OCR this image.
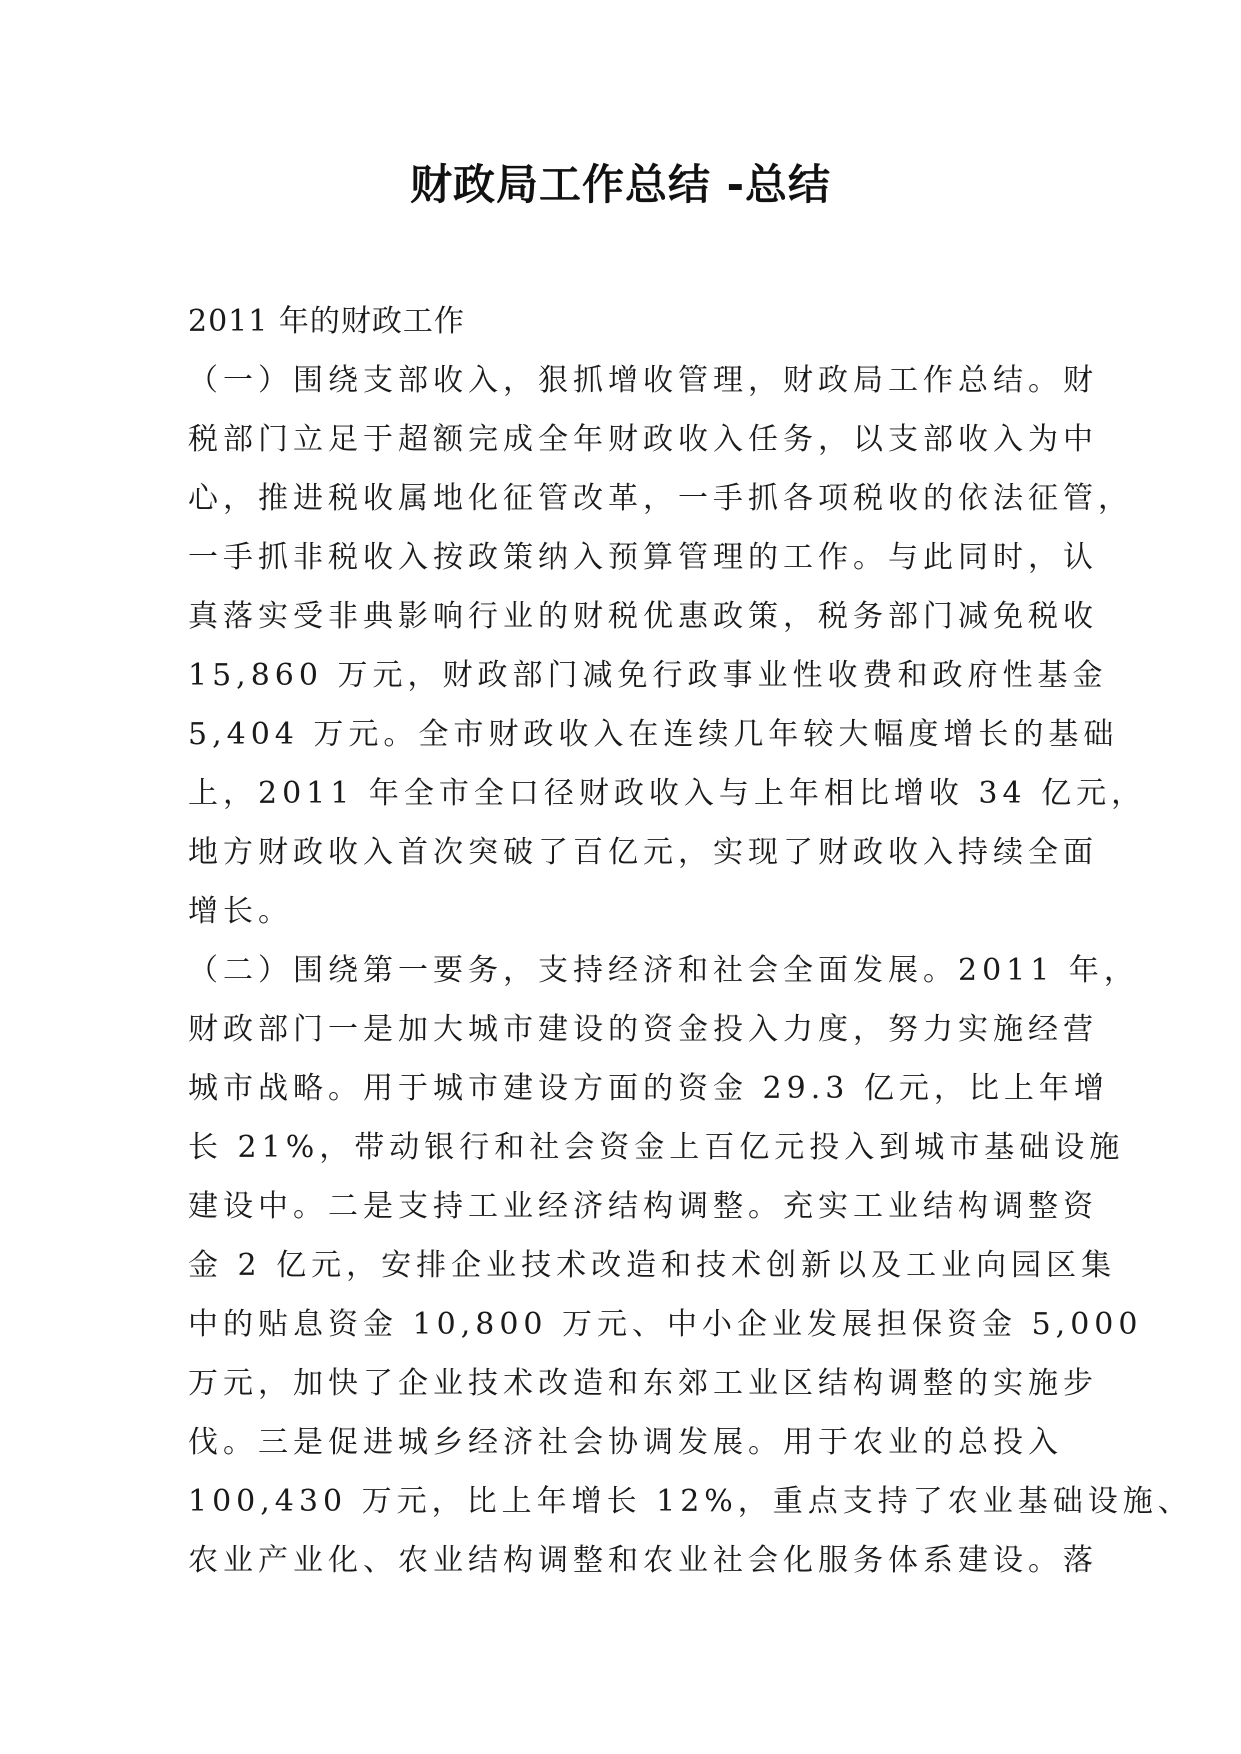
财政局工作总结 -总结
2011 年的财政工作
（一）围绕支部收入，狠抓增收管理，财政局工作总结。财
税部门立足于超额完成全年财政收入任务，以支部收入为中
心，推进税收属地化征管改革，一手抓各项税收的依法征管，
一手抓非税收入按政策纳入预算管理的工作。与此同时，认
真落实受非典影响行业的财税优惠政策，税务部门减免税收
15,860 万元，财政部门减免行政事业性收费和政府性基金
5,404 万元。全市财政收入在连续几年较大幅度增长的基础
上，2011 年全市全口径财政收入与上年相比增收 34 亿元，
地方财政收入首次突破了百亿元，实现了财政收入持续全面
增长。
（二）围绕第一要务，支持经济和社会全面发展。2011 年，
财政部门一是加大城市建设的资金投入力度，努力实施经营
城市战略。用于城市建设方面的资金 29.3 亿元，比上年增
长 21%，带动银行和社会资金上百亿元投入到城市基础设施
建设中。二是支持工业经济结构调整。充实工业结构调整资
金 2 亿元，安排企业技术改造和技术创新以及工业向园区集
中的贴息资金 10,800 万元、中小企业发展担保资金 5,000
万元，加快了企业技术改造和东郊工业区结构调整的实施步
伐。三是促进城乡经济社会协调发展。用于农业的总投入
100,430 万元，比上年增长 12%，重点支持了农业基础设施、
农业产业化、农业结构调整和农业社会化服务体系建设。落
